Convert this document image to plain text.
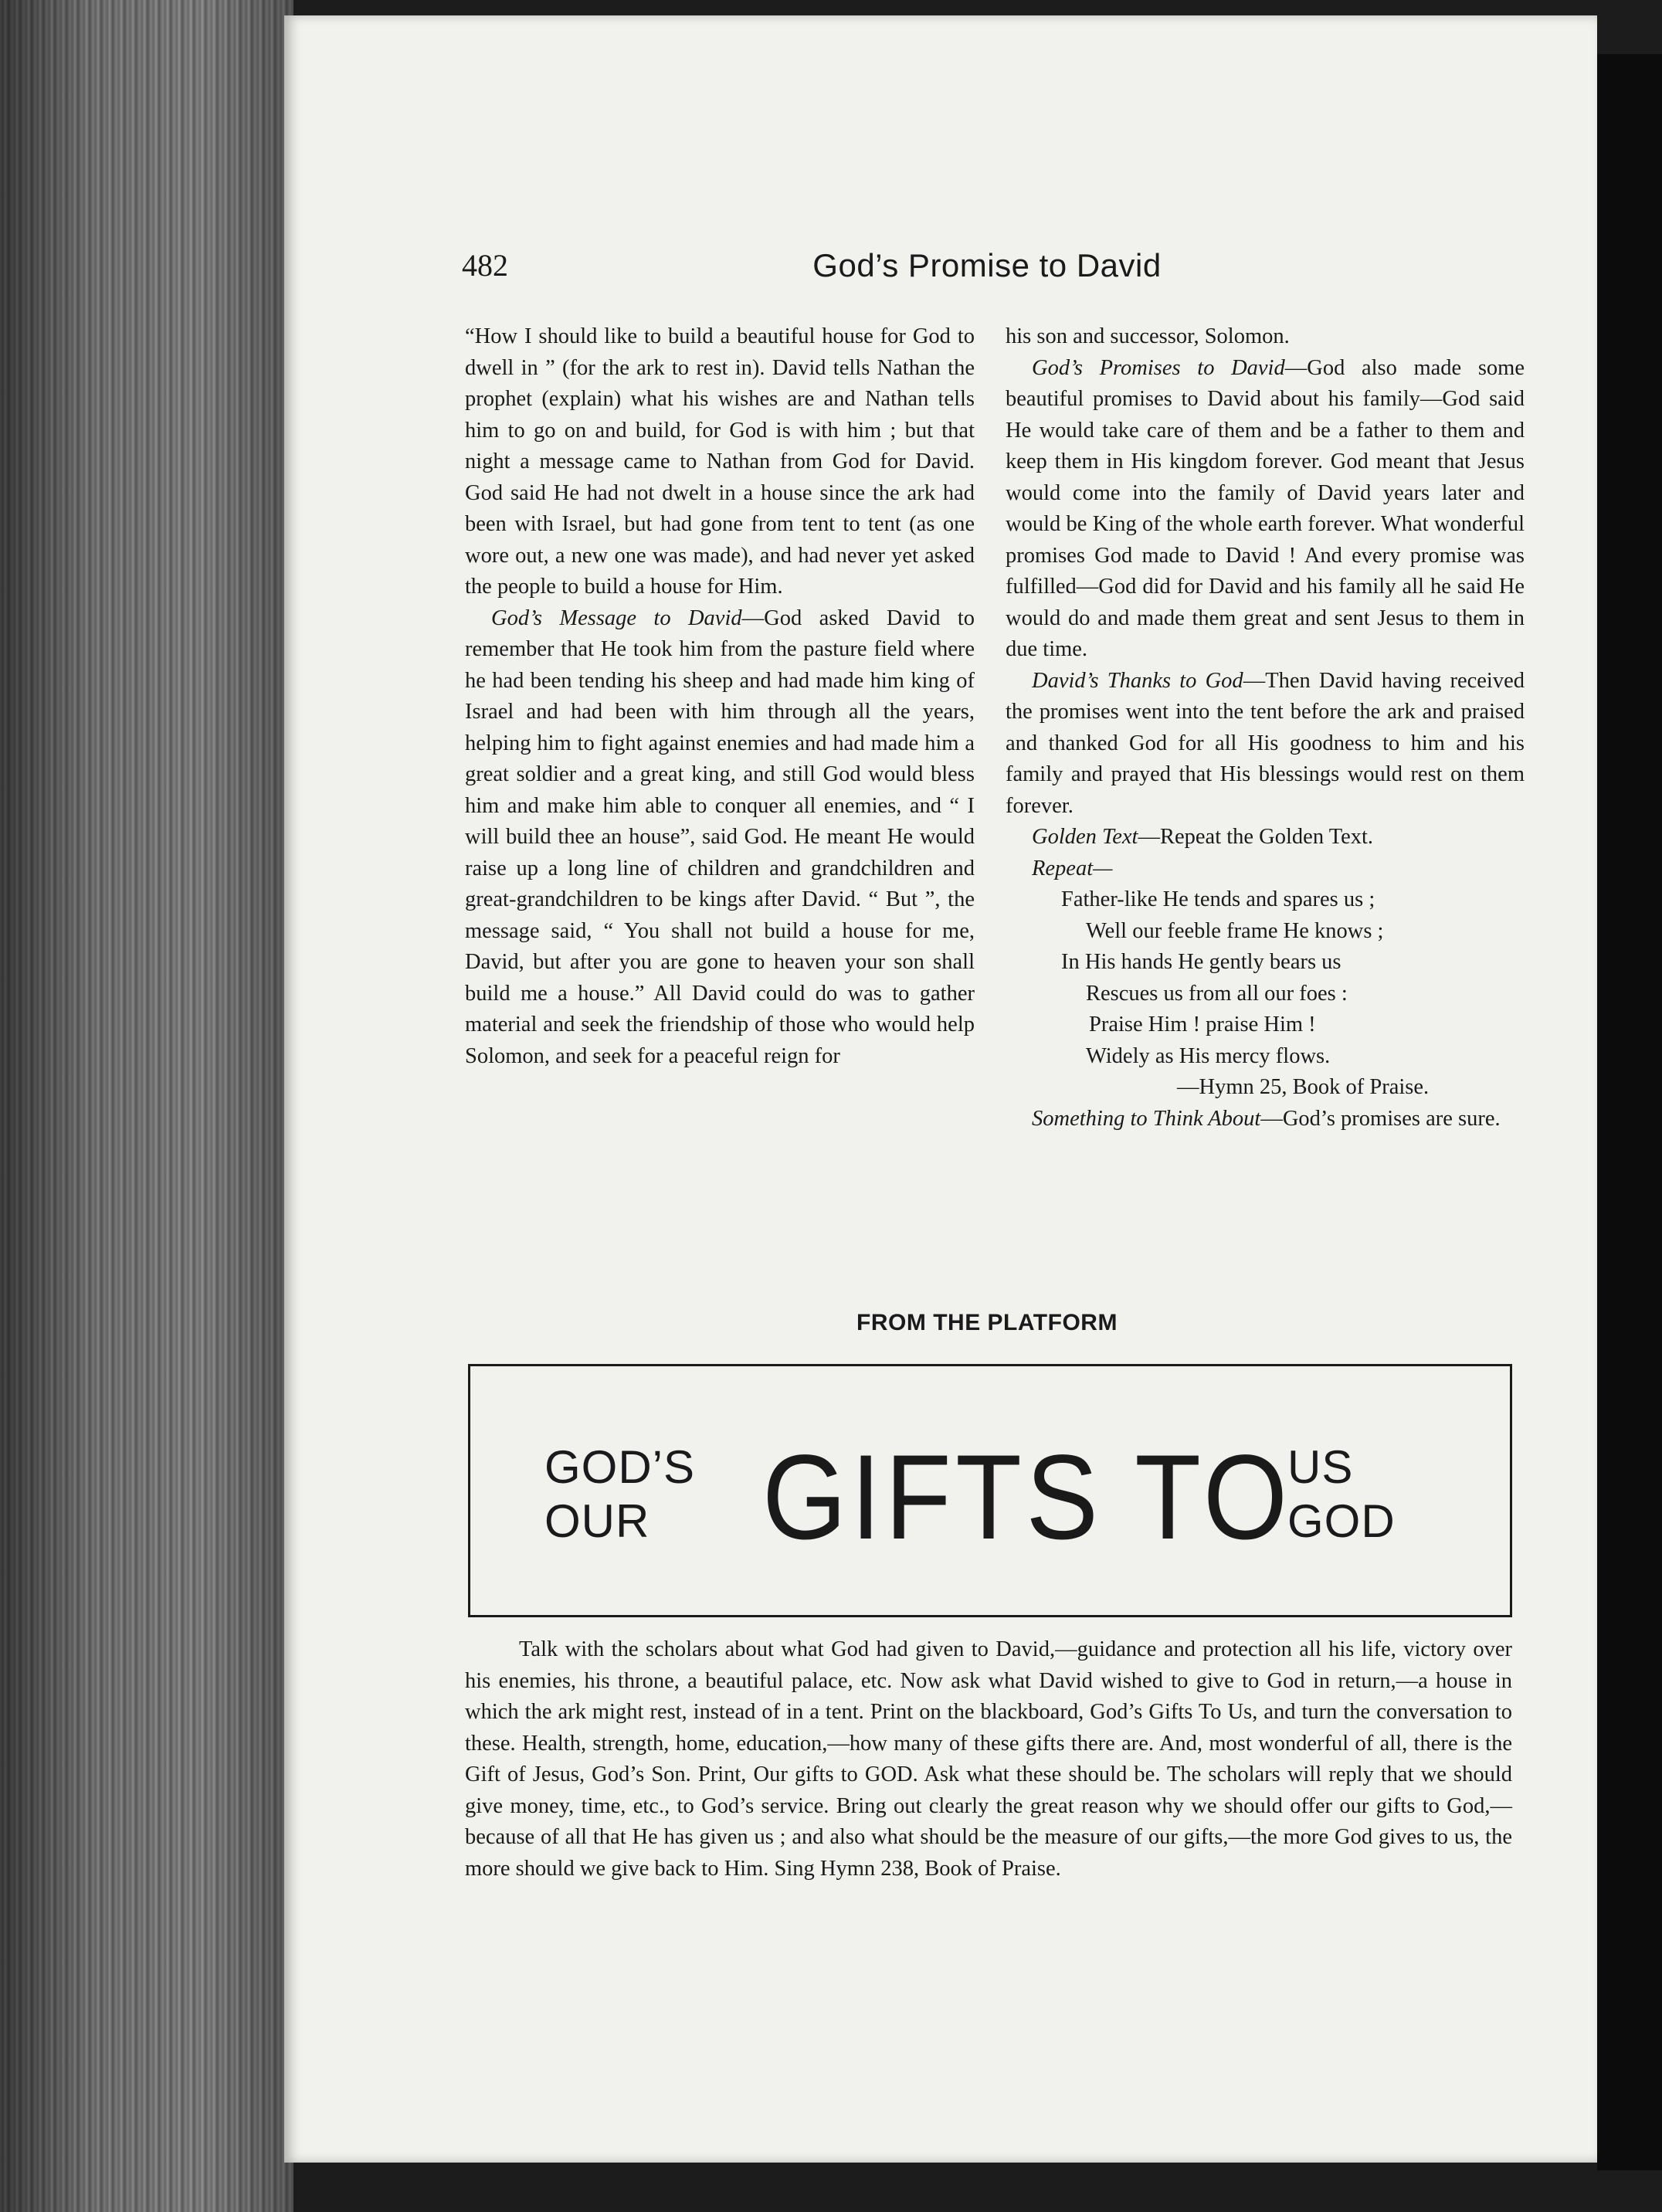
482	God’s Promise to David

“How I should like to build a beautiful house for God to dwell in ” (for the ark to rest in). David tells Nathan the prophet (explain) what his wishes are and Nathan tells him to go on and build, for God is with him ; but that night a message came to Nathan from God for David. God said He had not dwelt in a house since the ark had been with Israel, but had gone from tent to tent (as one wore out, a new one was made), and had never yet asked the people to build a house for Him.

God’s Message to David—God asked David to remember that He took him from the pasture field where he had been tending his sheep and had made him king of Israel and had been with him through all the years, helping him to fight against enemies and had made him a great soldier and a great king, and still God would bless him and make him able to conquer all enemies, and “ I will build thee an house”, said God. He meant He would raise up a long line of children and grandchildren and great-grandchildren to be kings after David. “ But ”, the message said, “ You shall not build a house for me, David, but after you are gone to heaven your son shall build me a house.” All David could do was to gather material and seek the friendship of those who would help Solomon, and seek for a peaceful reign for

his son and successor, Solomon.

God’s Promises to David—God also made some beautiful promises to David about his family—God said He would take care of them and be a father to them and keep them in His kingdom forever. God meant that Jesus would come into the family of David years later and would be King of the whole earth forever. What wonderful promises God made to David ! And every promise was fulfilled—God did for David and his family all he said He would do and made them great and sent Jesus to them in due time.

David’s Thanks to God—Then David having received the promises went into the tent before the ark and praised and thanked God for all His goodness to him and his family and prayed that His blessings would rest on them forever.

Golden Text—Repeat the Golden Text.

Repeat—

Father-like He tends and spares us ;
Well our feeble frame He knows ;
In His hands He gently bears us
Rescues us from all our foes :
Praise Him ! praise Him !
Widely as His mercy flows.
—Hymn 25, Book of Praise.

Something to Think About—God’s promises are sure.

FROM THE PLATFORM
GOD’S
OUR GIFTS TO
US
GOD

Talk with the scholars about what God had given to David,—guidance and protection all his life, victory over his enemies, his throne, a beautiful palace, etc. Now ask what David wished to give to God in return,—a house in which the ark might rest, instead of in a tent. Print on the blackboard, God’s Gifts To Us, and turn the conversation to these. Health, strength, home, education,—how many of these gifts there are. And, most wonderful of all, there is the Gift of Jesus, God’s Son. Print, Our gifts to GOD. Ask what these should be. The scholars will reply that we should give money, time, etc., to God’s service. Bring out clearly the great reason why we should offer our gifts to God,—because of all that He has given us ; and also what should be the measure of our gifts,—the more God gives to us, the more should we give back to Him. Sing Hymn 238, Book of Praise.
